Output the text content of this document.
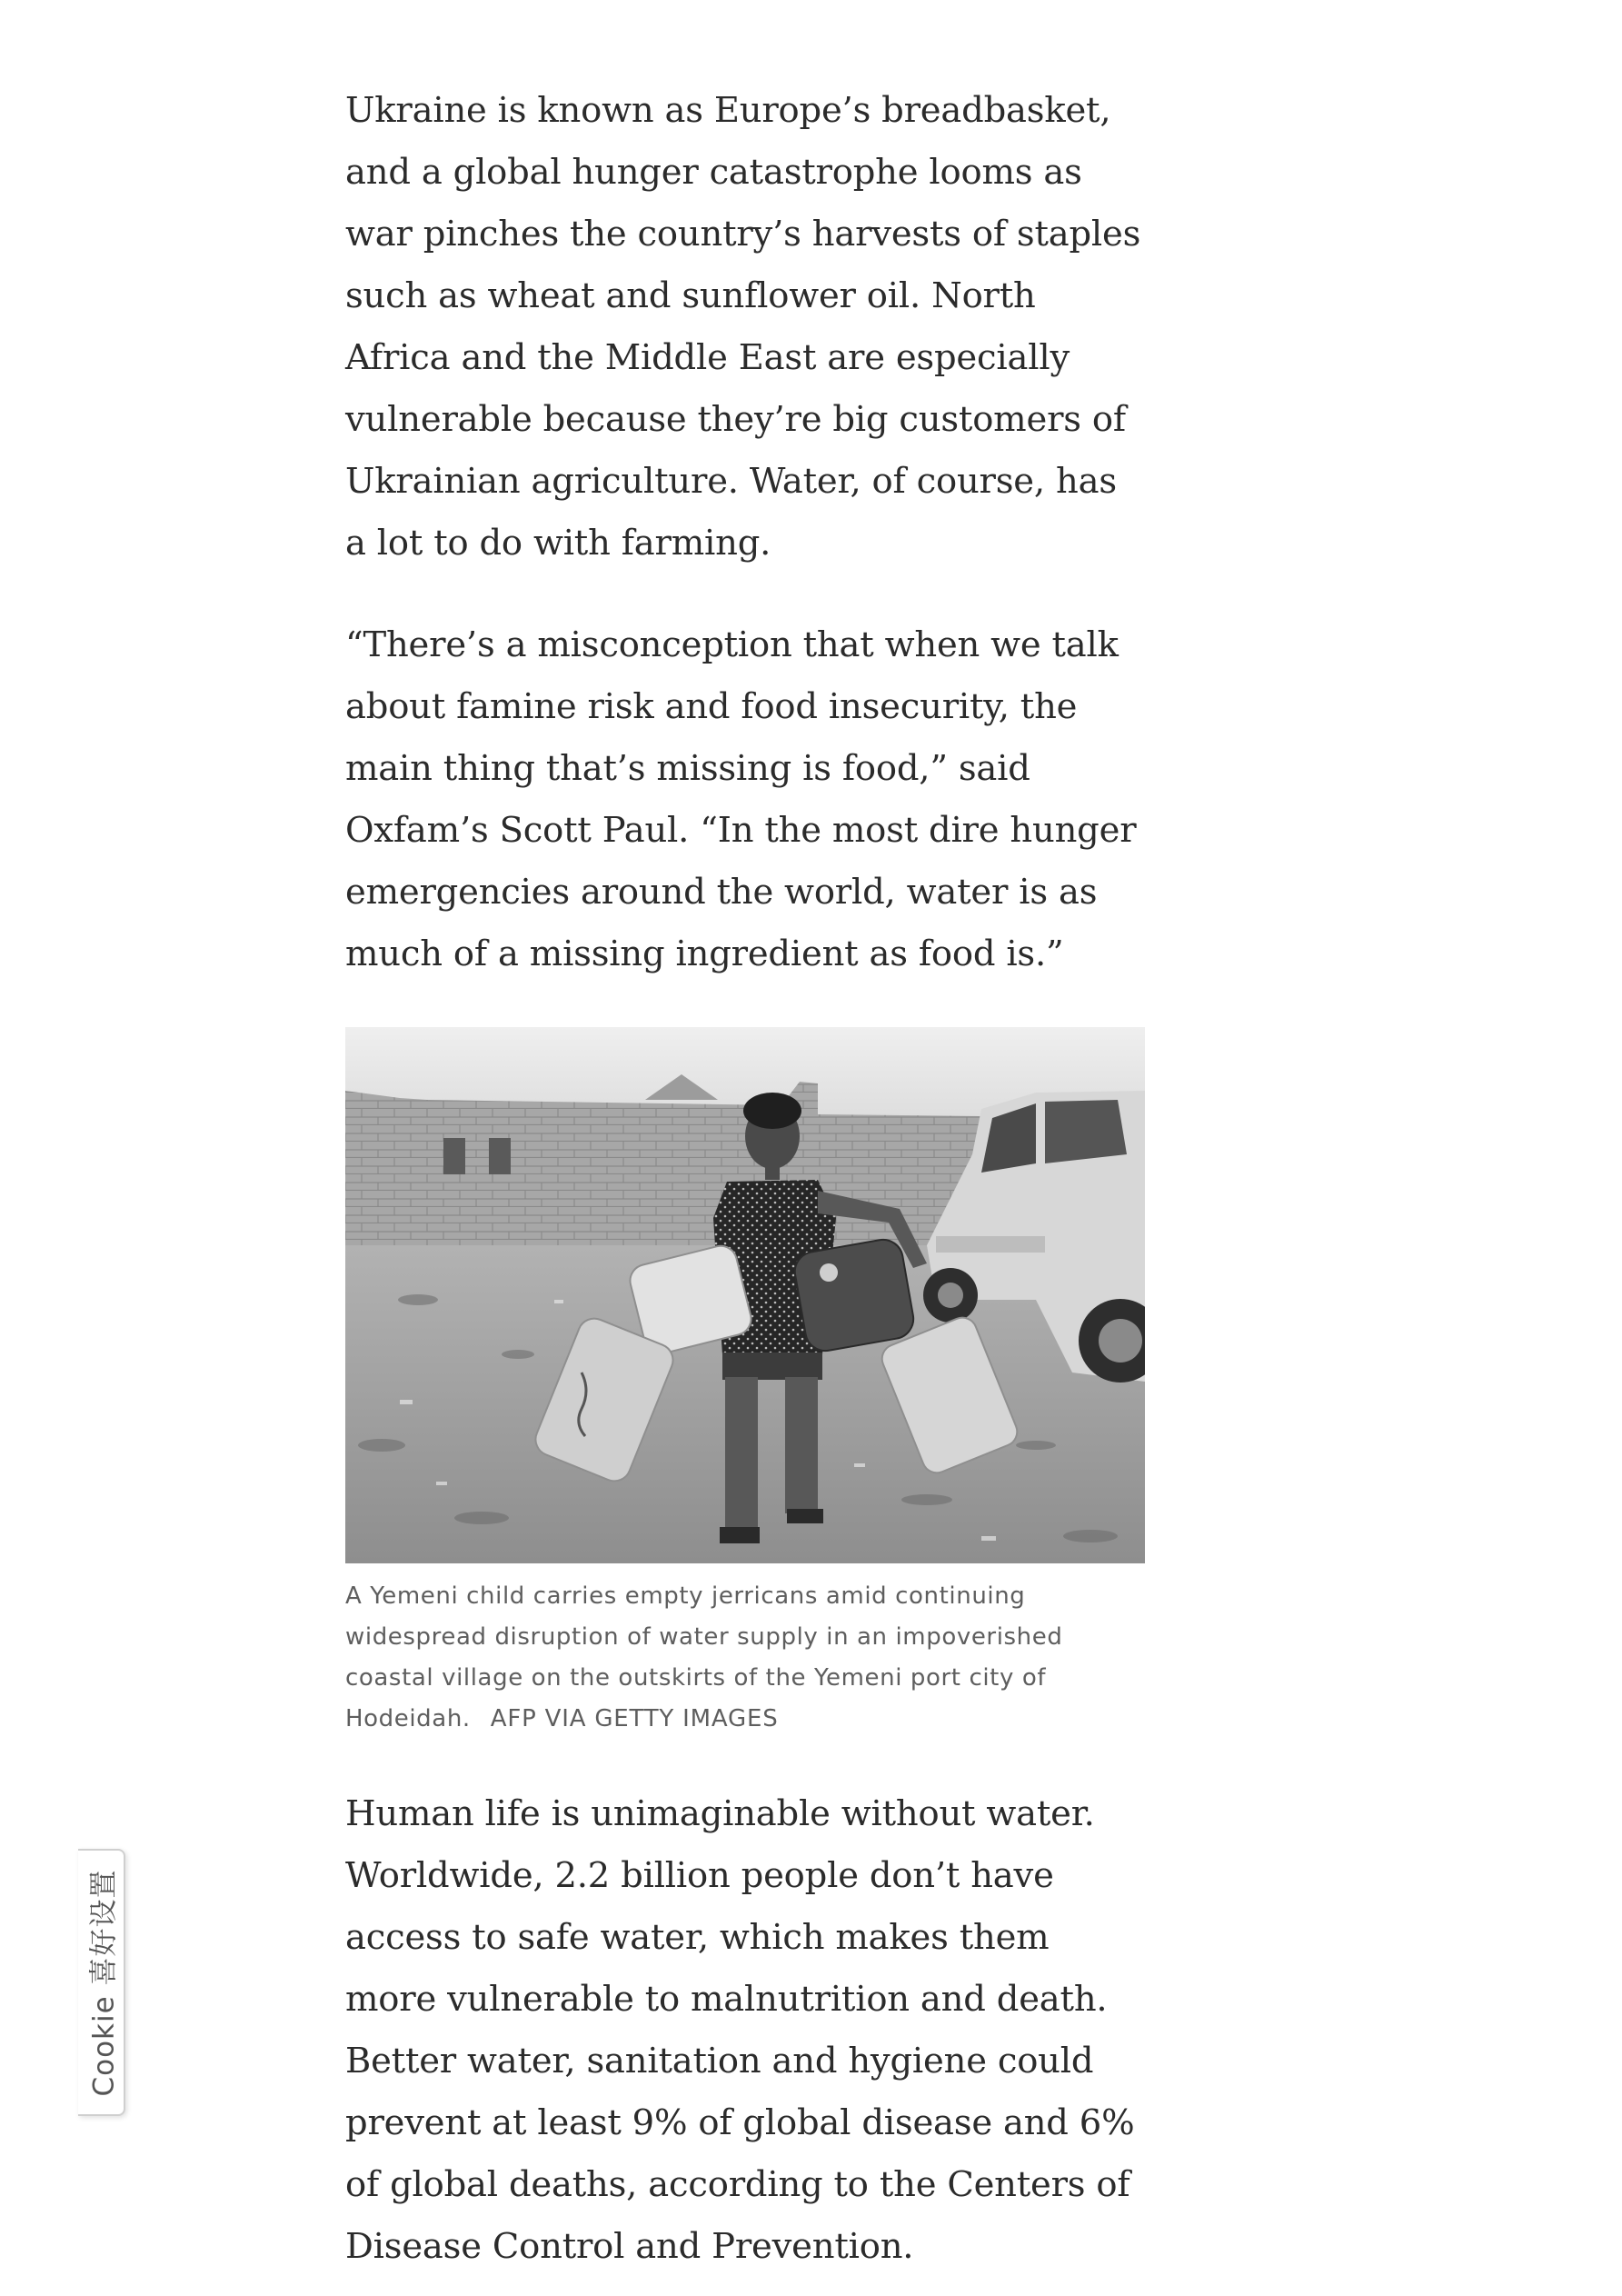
Ukraine is known as Europe’s breadbasket, and a global hunger catastrophe looms as war pinches the country’s harvests of staples such as wheat and sunflower oil. North Africa and the Middle East are especially vulnerable because they’re big customers of Ukrainian agriculture. Water, of course, has a lot to do with farming.

“There’s a misconception that when we talk about famine risk and food insecurity, the main thing that’s missing is food,” said Oxfam’s Scott Paul. “In the most dire hunger emergencies around the world, water is as much of a missing ingredient as food is.”

A Yemeni child carries empty jerricans amid continuing widespread disruption of water supply in an impoverished coastal village on the outskirts of the Yemeni port city of Hodeidah. AFP VIA GETTY IMAGES

Human life is unimaginable without water. Worldwide, 2.2 billion people don’t have access to safe water, which makes them more vulnerable to malnutrition and death. Better water, sanitation and hygiene could prevent at least 9% of global disease and 6% of global deaths, according to the Centers of Disease Control and Prevention.

Cookie 喜好设置
